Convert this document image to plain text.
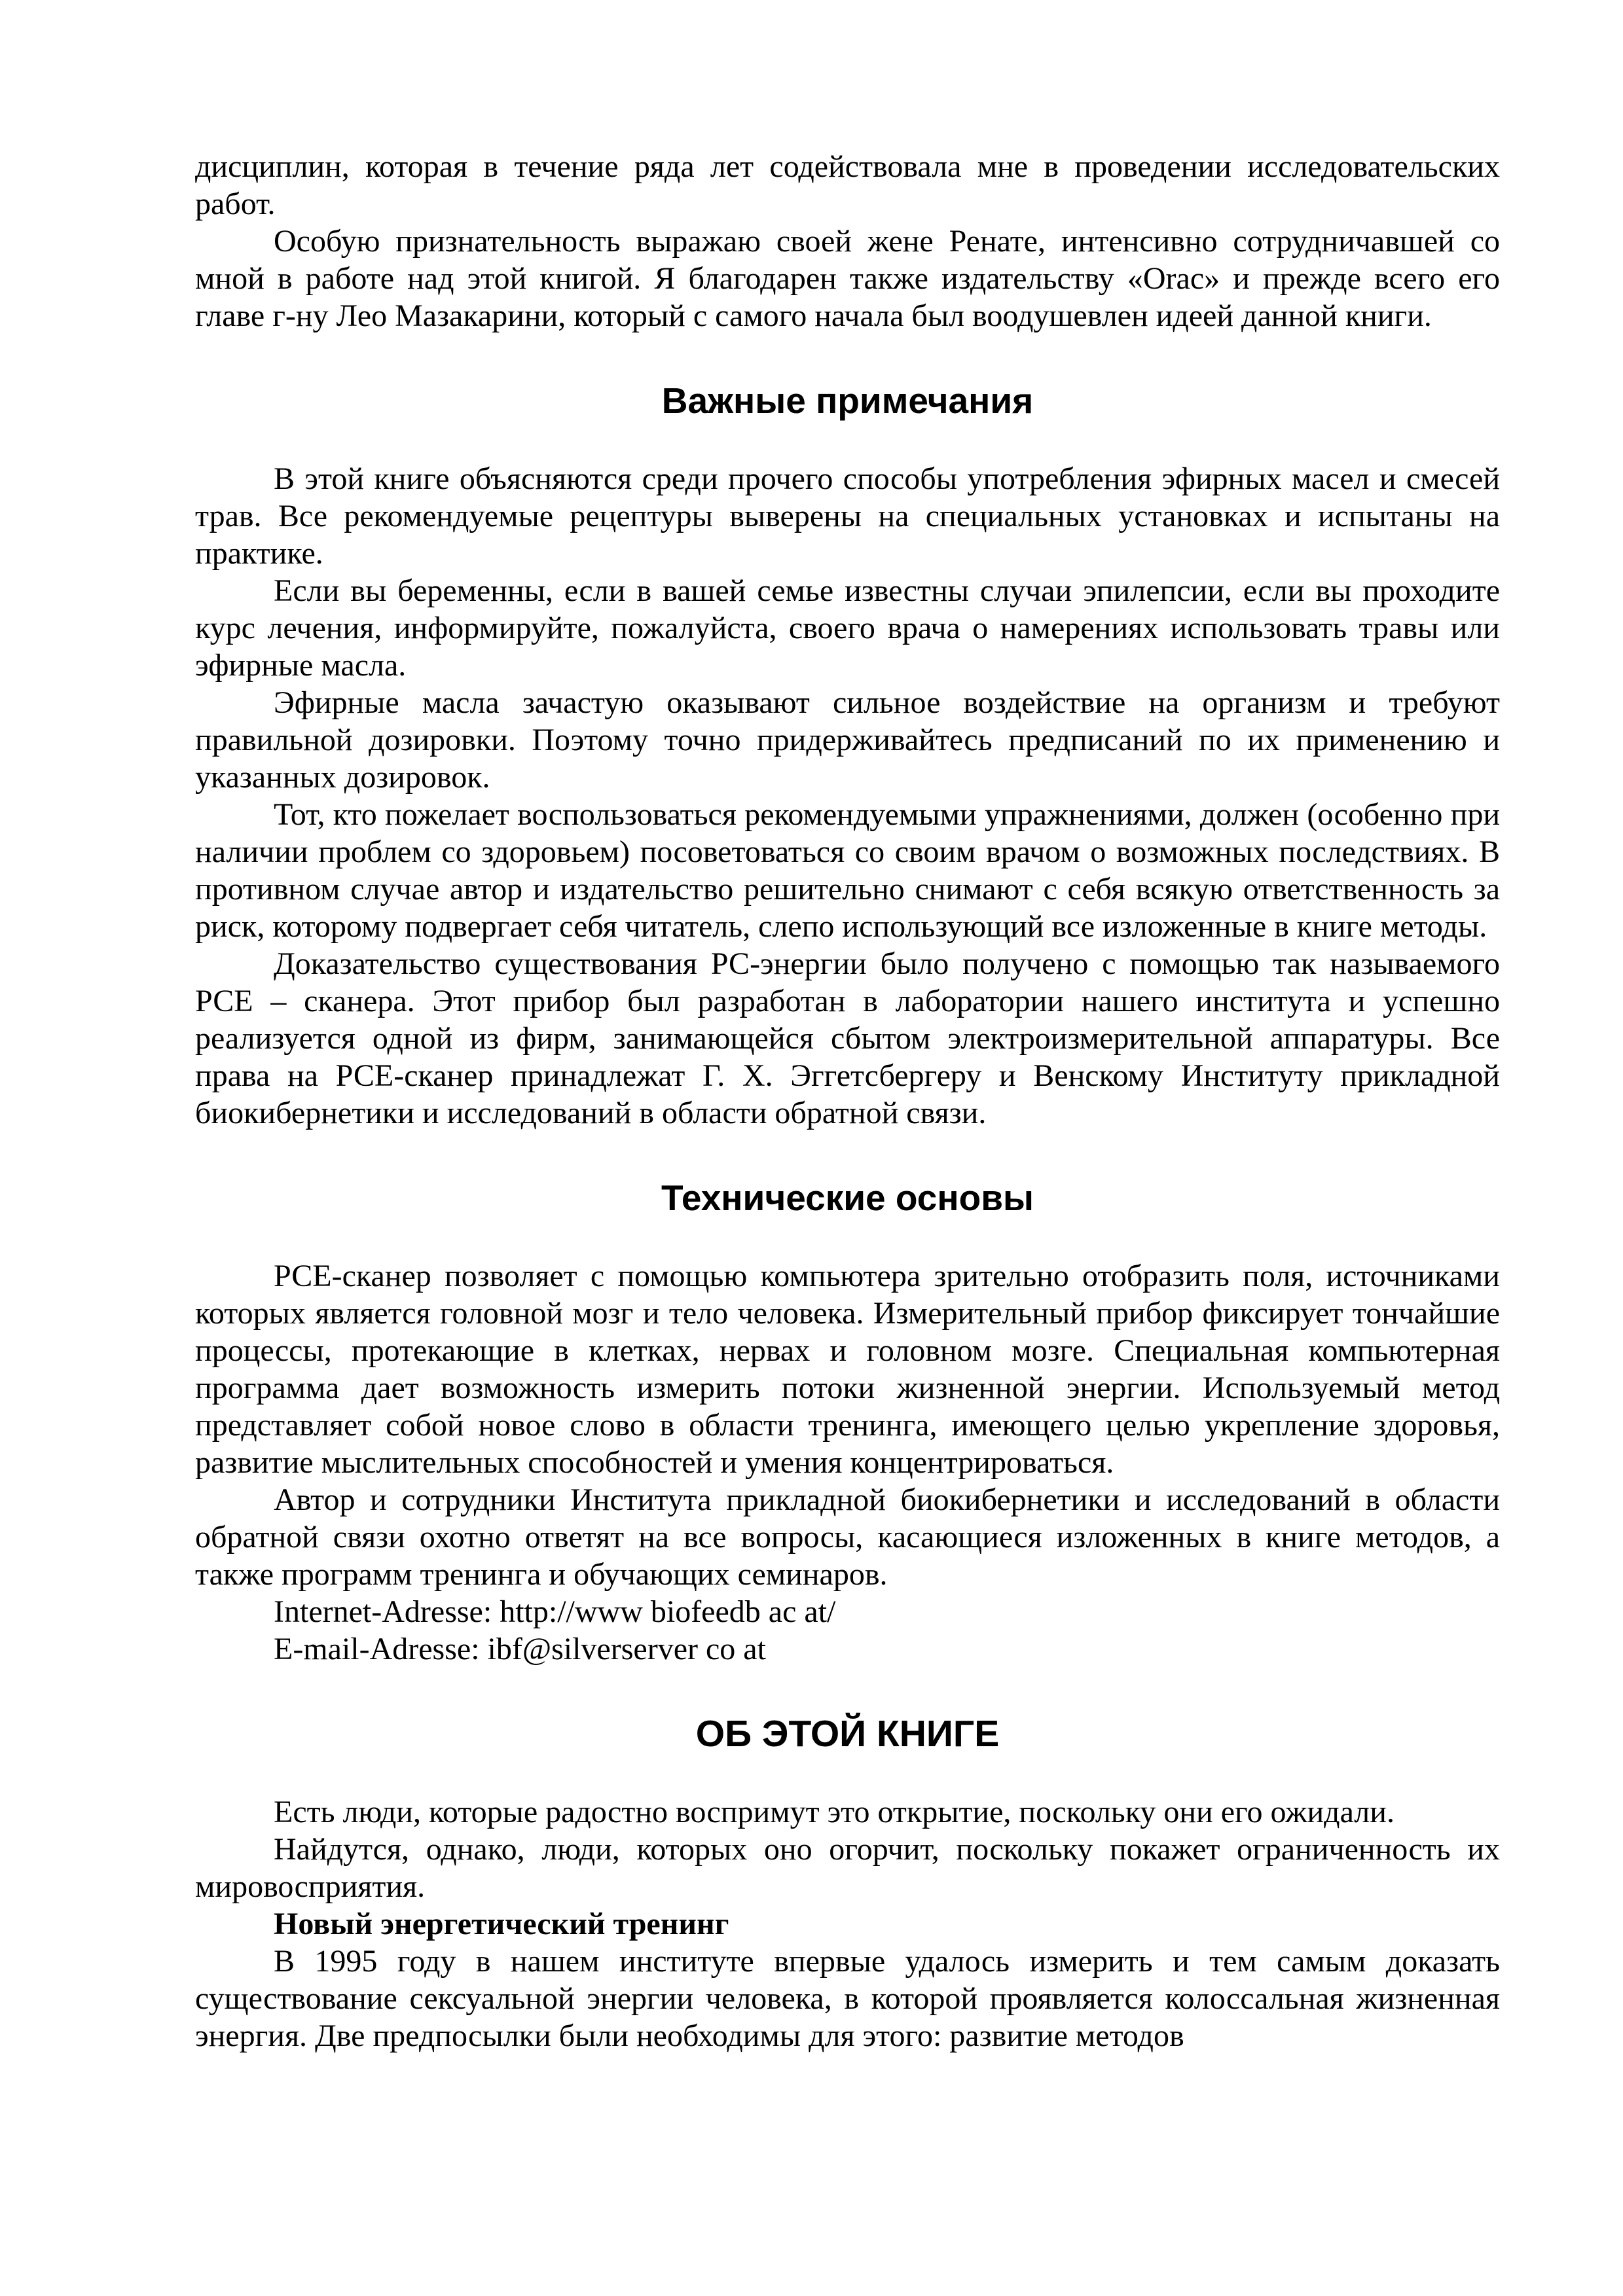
дисциплин, которая в течение ряда лет содействовала мне в проведении исследовательских работ.

Особую признательность выражаю своей жене Ренате, интенсивно сотрудничавшей со мной в работе над этой книгой. Я благодарен также издательству «Orac» и прежде всего его главе г-ну Лео Мазакарини, который с самого начала был воодушевлен идеей данной книги.

Важные примечания

В этой книге объясняются среди прочего способы употребления эфирных масел и смесей трав. Все рекомендуемые рецептуры выверены на специальных установках и испытаны на практике.

Если вы беременны, если в вашей семье известны случаи эпилепсии, если вы проходите курс лечения, информируйте, пожалуйста, своего врача о намерениях использовать травы или эфирные масла.

Эфирные масла зачастую оказывают сильное воздействие на организм и требуют правильной дозировки. Поэтому точно придерживайтесь предписаний по их применению и указанных дозировок.

Тот, кто пожелает воспользоваться рекомендуемыми упражнениями, должен (особенно при наличии проблем со здоровьем) посоветоваться со своим врачом о возможных последствиях. В противном случае автор и издательство решительно снимают с себя всякую ответственность за риск, которому подвергает себя читатель, слепо использующий все изложенные в книге методы.

Доказательство существования РС-энергии было получено с помощью так называемого РСЕ – сканера. Этот прибор был разработан в лаборатории нашего института и успешно реализуется одной из фирм, занимающейся сбытом электроизмерительной аппаратуры. Все права на РСЕ-сканер принадлежат Г. Х. Эггетсбергеру и Венскому Институту прикладной биокибернетики и исследований в области обратной связи.

Технические основы

РСЕ-сканер позволяет с помощью компьютера зрительно отобразить поля, источниками которых является головной мозг и тело человека. Измерительный прибор фиксирует тончайшие процессы, протекающие в клетках, нервах и головном мозге. Специальная компьютерная программа дает возможность измерить потоки жизненной энергии. Используемый метод представляет собой новое слово в области тренинга, имеющего целью укрепление здоровья, развитие мыслительных способностей и умения концентрироваться.

Автор и сотрудники Института прикладной биокибернетики и исследований в области обратной связи охотно ответят на все вопросы, касающиеся изложенных в книге методов, а также программ тренинга и обучающих семинаров.

Internet-Adresse: http://www biofeedb ac at/

E-mail-Adresse: ibf@silverserver co at

ОБ ЭТОЙ КНИГЕ

Есть люди, которые радостно воспримут это открытие, поскольку они его ожидали.

Найдутся, однако, люди, которых оно огорчит, поскольку покажет ограниченность их мировосприятия.

Новый энергетический тренинг

В 1995 году в нашем институте впервые удалось измерить и тем самым доказать существование сексуальной энергии человека, в которой проявляется колоссальная жизненная энергия. Две предпосылки были необходимы для этого: развитие методов
